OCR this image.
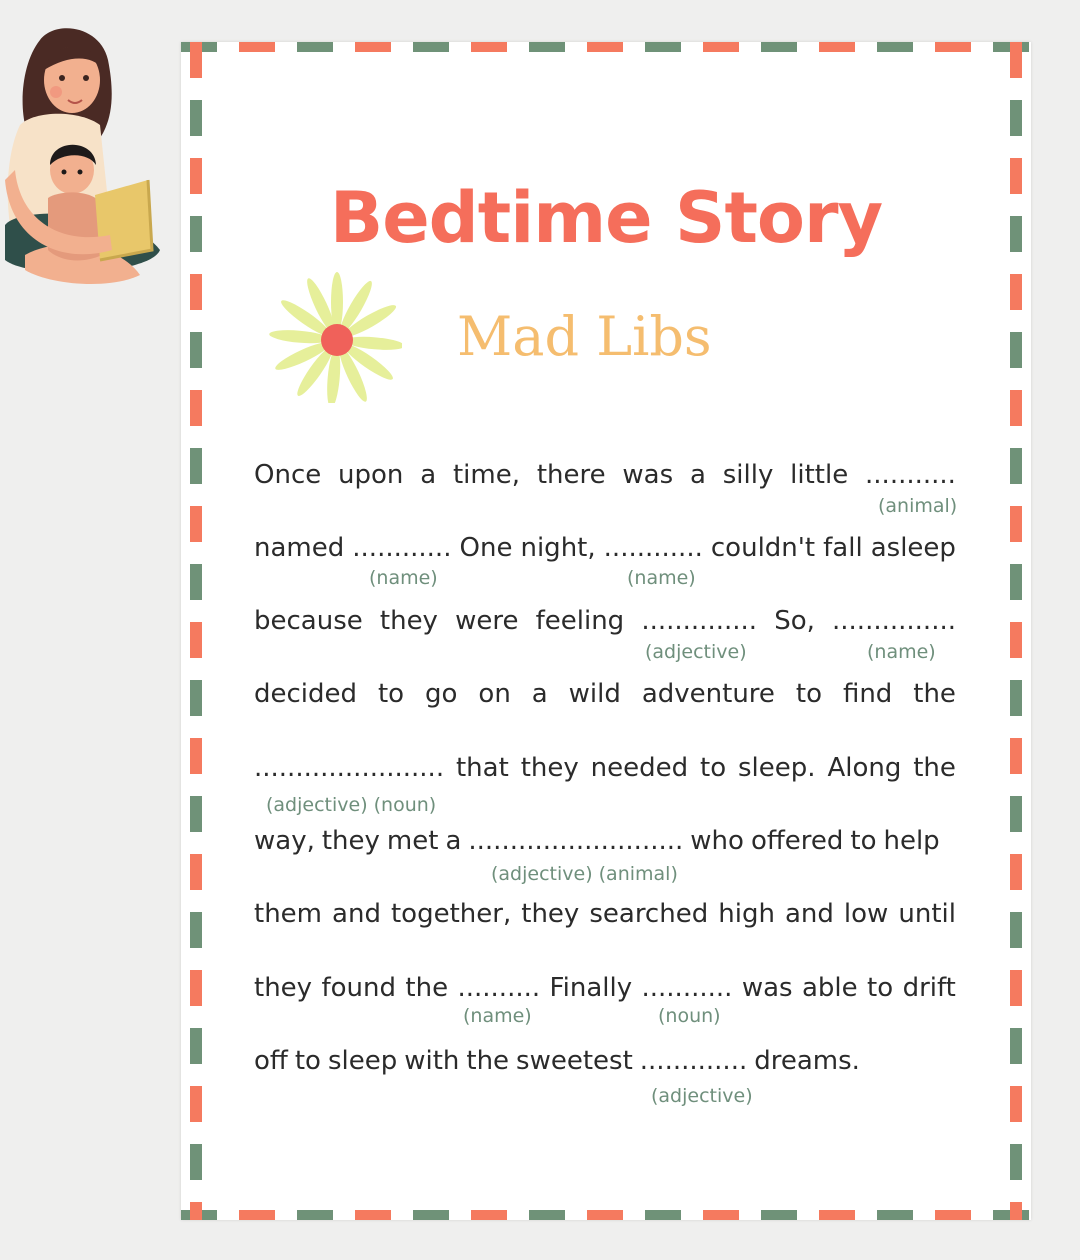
Bedtime Story
Mad Libs
Once upon a time, there was a silly little ...........
(animal)
named ............ One night, ............ couldn't fall asleep
(name)	(name)
because they were feeling .............. So, ...............
(adjective)	(name)
decided to go on a wild adventure to find the
....................... that they needed to sleep. Along the
(adjective) (noun)
way, they met a .......................... who offered to help
(adjective) (animal)
them and together, they searched high and low until
they found the .......... Finally ........... was able to drift
(name)	(noun)
off to sleep with the sweetest ............. dreams.
(adjective)
